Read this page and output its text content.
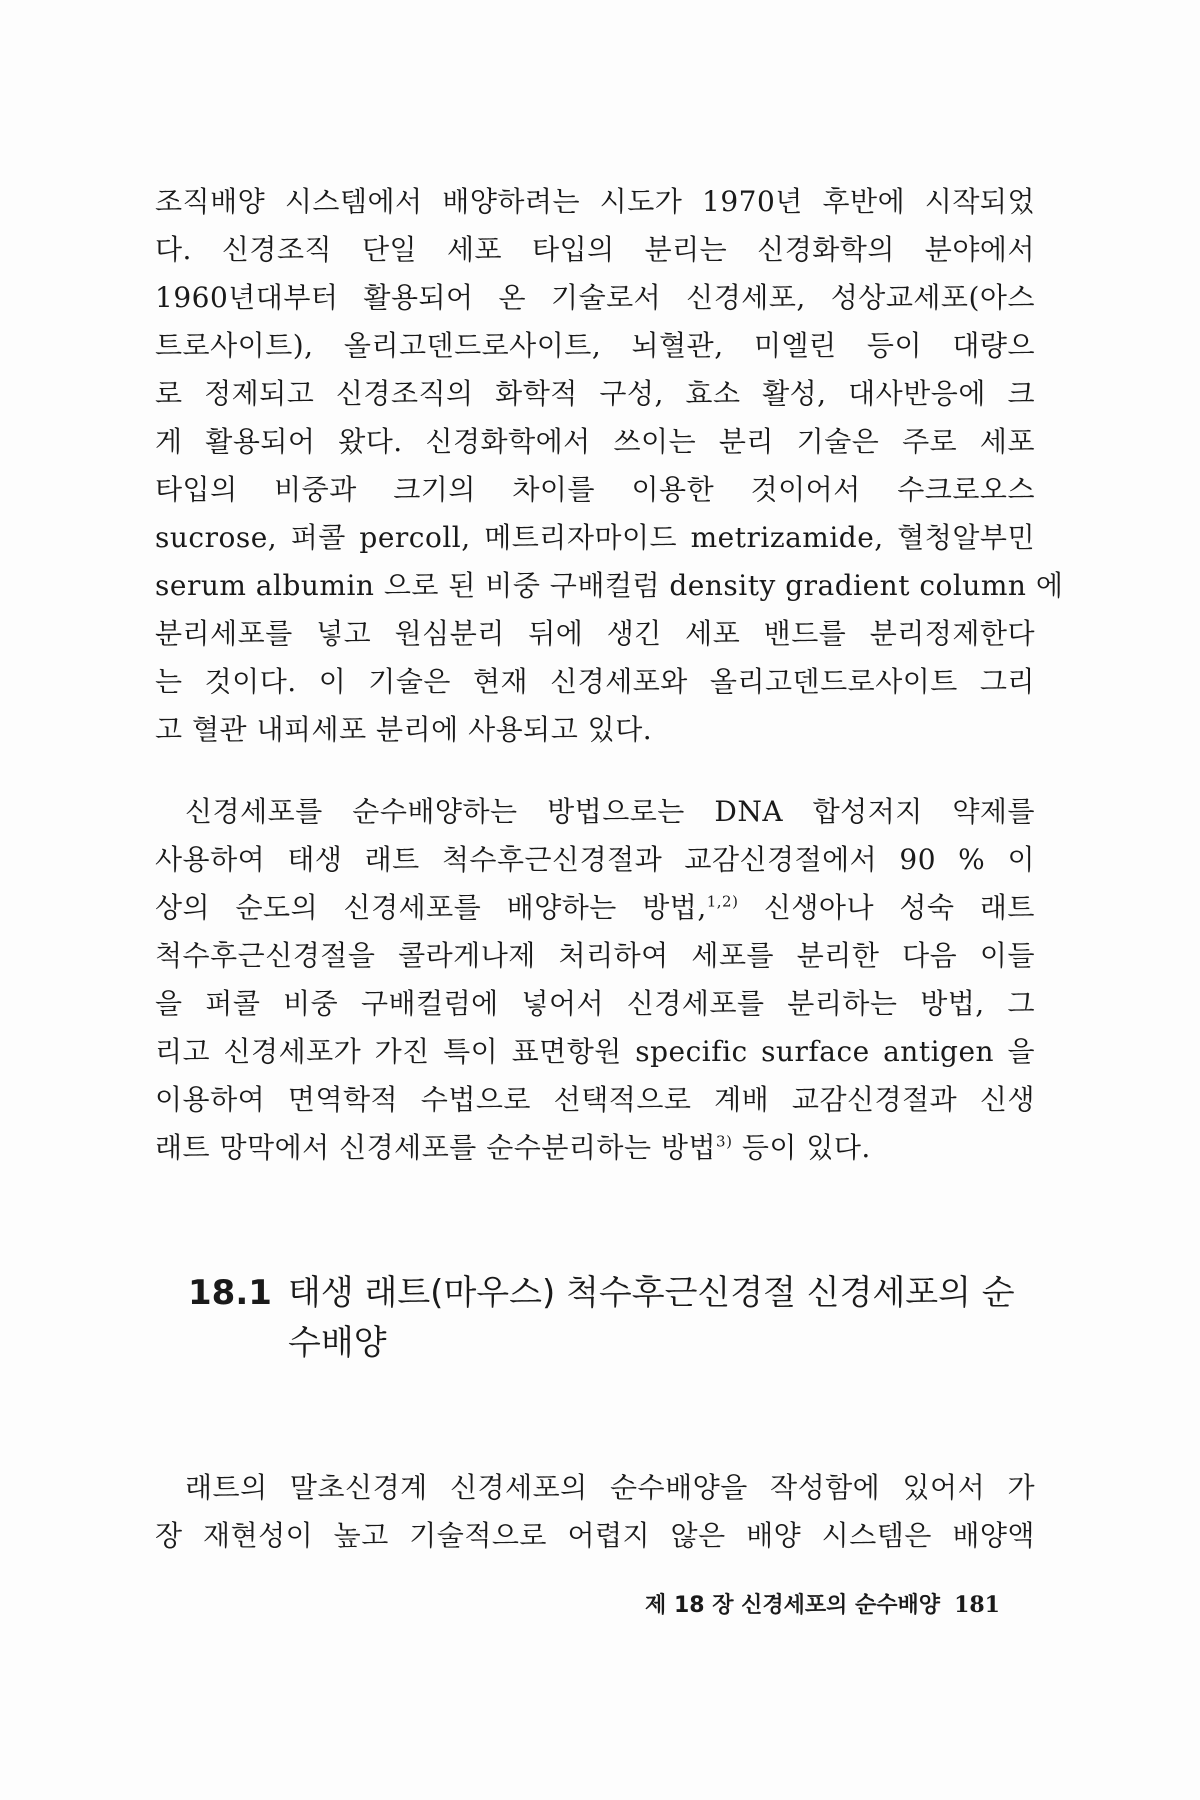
조직배양 시스템에서 배양하려는 시도가 1970년 후반에 시작되었
다. 신경조직 단일 세포 타입의 분리는 신경화학의 분야에서
1960년대부터 활용되어 온 기술로서 신경세포, 성상교세포(아스
트로사이트), 올리고덴드로사이트, 뇌혈관, 미엘린 등이 대량으
로 정제되고 신경조직의 화학적 구성, 효소 활성, 대사반응에 크
게 활용되어 왔다. 신경화학에서 쓰이는 분리 기술은 주로 세포
타입의 비중과 크기의 차이를 이용한 것이어서 수크로오스
sucrose, 퍼콜 percoll, 메트리자마이드 metrizamide, 혈청알부민
serum albumin 으로 된 비중 구배컬럼 density gradient column 에
분리세포를 넣고 원심분리 뒤에 생긴 세포 밴드를 분리정제한다
는 것이다. 이 기술은 현재 신경세포와 올리고덴드로사이트 그리
고 혈관 내피세포 분리에 사용되고 있다.
신경세포를 순수배양하는 방법으로는 DNA 합성저지 약제를
사용하여 태생 래트 척수후근신경절과 교감신경절에서 90 % 이
상의 순도의 신경세포를 배양하는 방법,$^{1,2)}$ 신생아나 성숙 래트
척수후근신경절을 콜라게나제 처리하여 세포를 분리한 다음 이들
을 퍼콜 비중 구배컬럼에 넣어서 신경세포를 분리하는 방법, 그
리고 신경세포가 가진 특이 표면항원 specific surface antigen 을
이용하여 면역학적 수법으로 선택적으로 계배 교감신경절과 신생
래트 망막에서 신경세포를 순수분리하는 방법$^{3)}$ 등이 있다.
18.1 태생 래트(마우스) 척수후근신경절 신경세포의 순
수배양
래트의 말초신경계 신경세포의 순수배양을 작성함에 있어서 가
장 재현성이 높고 기술적으로 어렵지 않은 배양 시스템은 배양액
제 18 장 신경세포의 순수배양 181
